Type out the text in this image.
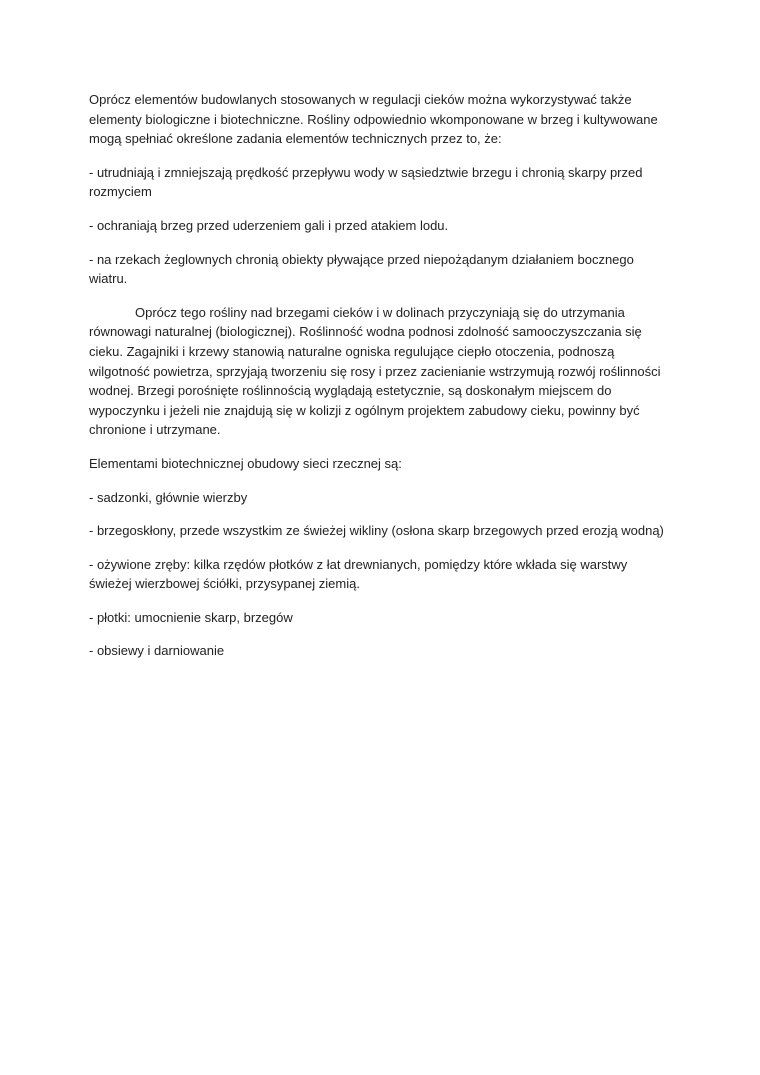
Oprócz elementów budowlanych stosowanych w regulacji cieków można wykorzystywać także elementy biologiczne i biotechniczne. Rośliny odpowiednio wkomponowane w brzeg i kultywowane mogą spełniać określone zadania elementów technicznych przez to, że:

- utrudniają i zmniejszają prędkość przepływu wody w sąsiedztwie brzegu i chronią skarpy przed rozmyciem

- ochraniają brzeg przed uderzeniem gali i przed atakiem lodu.

- na rzekach żeglownych chronią obiekty pływające przed niepożądanym działaniem bocznego wiatru.

Oprócz tego rośliny nad brzegami cieków i w dolinach przyczyniają się do utrzymania równowagi naturalnej (biologicznej). Roślinność wodna podnosi zdolność samooczyszczania się cieku. Zagajniki i krzewy stanowią naturalne ogniska regulujące ciepło otoczenia, podnoszą wilgotność powietrza, sprzyjają tworzeniu się rosy i przez zacienianie wstrzymują rozwój roślinności wodnej. Brzegi porośnięte roślinnością wyglądają estetycznie, są doskonałym miejscem do wypoczynku i jeżeli nie znajdują się w kolizji z ogólnym projektem zabudowy cieku, powinny być chronione i utrzymane.

Elementami biotechnicznej obudowy sieci rzecznej są:

- sadzonki, głównie wierzby

- brzegoskłony, przede wszystkim ze świeżej wikliny (osłona skarp brzegowych przed erozją wodną)

- ożywione zręby: kilka rzędów płotków z łat drewnianych, pomiędzy które wkłada się warstwy świeżej wierzbowej ściółki, przysypanej ziemią.

- płotki: umocnienie skarp, brzegów

- obsiewy i darniowanie
